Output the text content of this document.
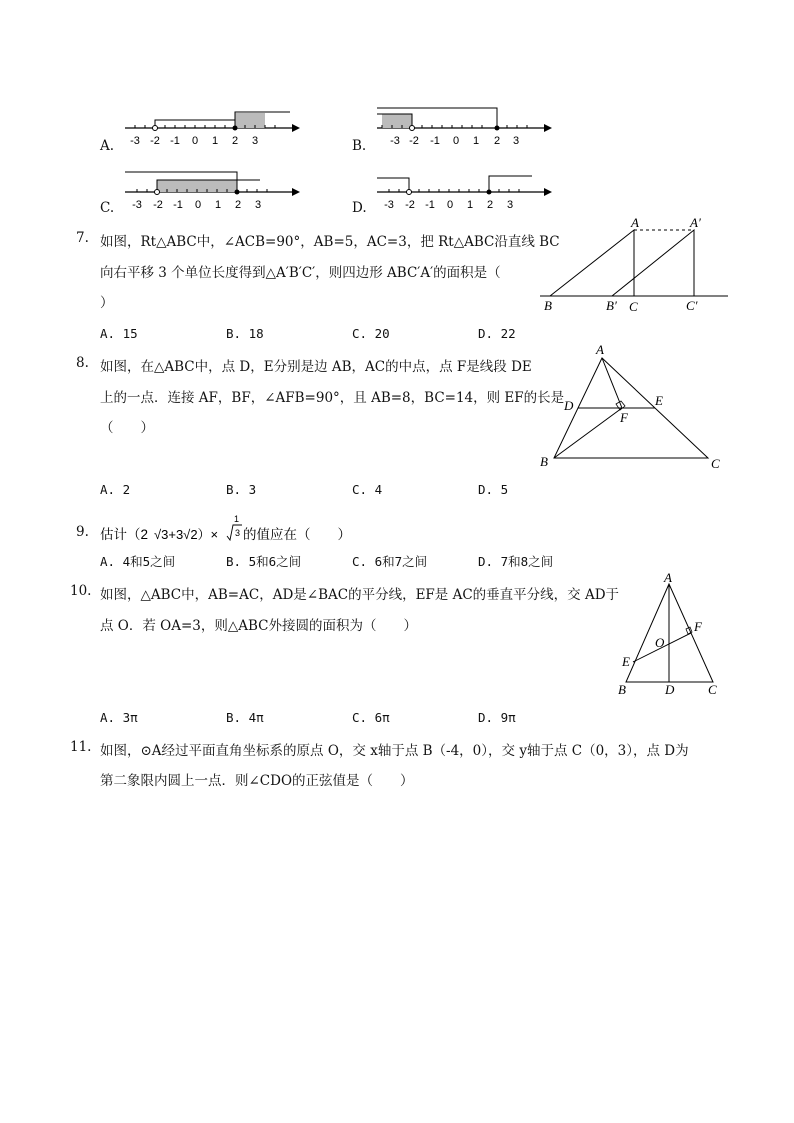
A. -3 -2 -1 0 1 2 3	B. -3 -2 -1 0 1 2 3
C. -3 -2 -1 0 1 2 3	D. -3 -2 -1 0 1 2 3
7. 如图，Rt△ABC中，∠ACB=90°，AB=5，AC=3，把 Rt△ABC沿直线 BC
向右平移 3 个单位长度得到△A′B′C′，则四边形 ABC′A′的面积是（
）
A. 15	B. 18	C. 20	D. 22
A	A′
B	B′ C	C′
8. 如图，在△ABC中，点 D，E分别是边 AB，AC的中点，点 F是线段 DE
上的一点．连接 AF，BF，∠AFB=90°，且 AB=8，BC=14，则 EF的长是
（　　）
A. 2	B. 3	C. 4	D. 5
A
D	E
F
B	C
9. 估计（2 √3+3√2）×
1
3 的值应在（　　）
A. 4和5之间	B. 5和6之间	C. 6和7之间	D. 7和8之间
10. 如图，△ABC中，AB=AC，AD是∠BAC的平分线，EF是 AC的垂直平分线，交 AD于
点 O．若 OA=3，则△ABC外接圆的面积为（　　）
A. 3π	B. 4π	C. 6π	D. 9π
A
O
F
E
B	D	C
11. 如图，⊙A经过平面直角坐标系的原点 O，交 x轴于点 B（-4，0），交 y轴于点 C（0，3），点 D为
第二象限内圆上一点．则∠CDO的正弦值是（　　）
